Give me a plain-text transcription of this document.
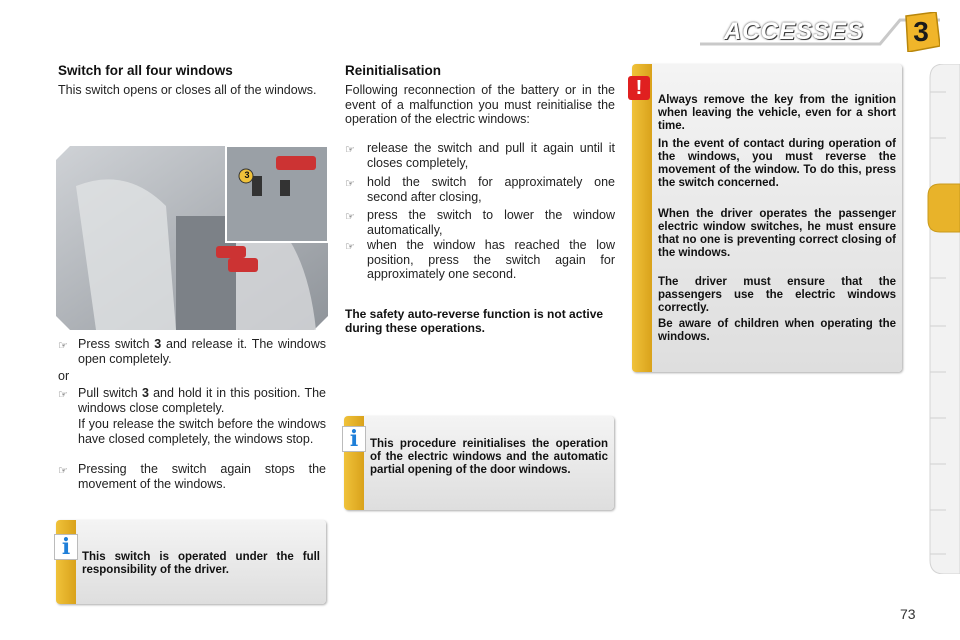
ACCESSES	3
Switch for all four windows
This switch opens or closes all of the windows.
3
☞ Press switch 3 and release it. The windows open completely.
or
☞ Pull switch 3 and hold it in this position. The windows close completely.
If you release the switch before the windows have closed completely, the windows stop.
☞ Pressing the switch again stops the movement of the windows.
This switch is operated under the full responsibility of the driver.
i
Reinitialisation
Following reconnection of the battery or in the event of a malfunction you must reinitialise the operation of the electric windows:
☞ release the switch and pull it again until it closes completely,
☞ hold the switch for approximately one second after closing,
☞ press the switch to lower the window automatically,
☞ when the window has reached the low position, press the switch again for approximately one second.
The safety auto-reverse function is not active during these operations.
This procedure reinitialises the operation of the electric windows and the automatic partial opening of the door windows.
i
Always remove the key from the ignition when leaving the vehicle, even for a short time.
In the event of contact during operation of the windows, you must reverse the movement of the window. To do this, press the switch concerned.
When the driver operates the passenger electric window switches, he must ensure that no one is preventing correct closing of the windows.
The driver must ensure that the passengers use the electric windows correctly.
Be aware of children when operating the windows.
!
73
